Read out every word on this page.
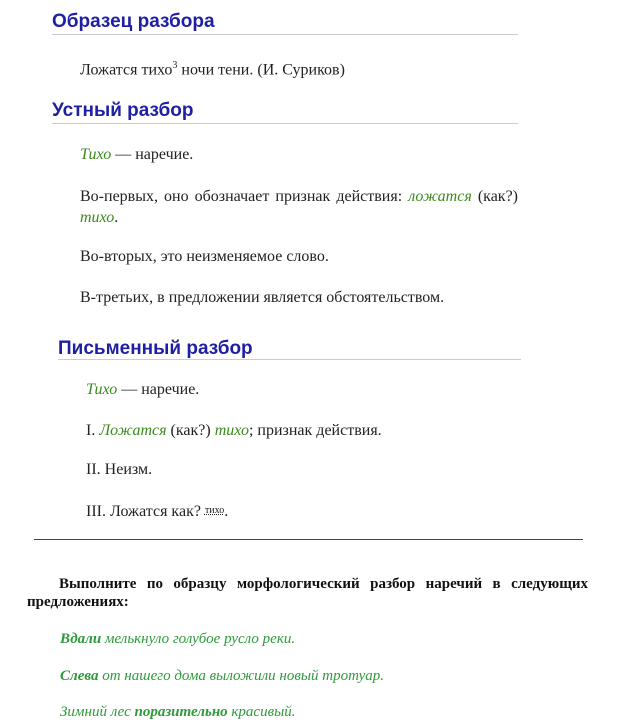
Образец разбора
Ложатся тихо$^3$ ночи тени. (И. Суриков)
Устный разбор
Тихо — наречие.
Во-первых, оно обозначает признак действия: ложатся (как?) тихо.
Во-вторых, это неизменяемое слово.
В-третьих, в предложении является обстоятельством.
Письменный разбор
Тихо — наречие.
I. Ложатся (как?) тихо; признак действия.
II. Неизм.
III. Ложатся как? тихо.
Выполните по образцу морфологический разбор наречий в следующих предложениях:
Вдали мелькнуло голубое русло реки.
Слева от нашего дома выложили новый тротуар.
Зимний лес поразительно красивый.
